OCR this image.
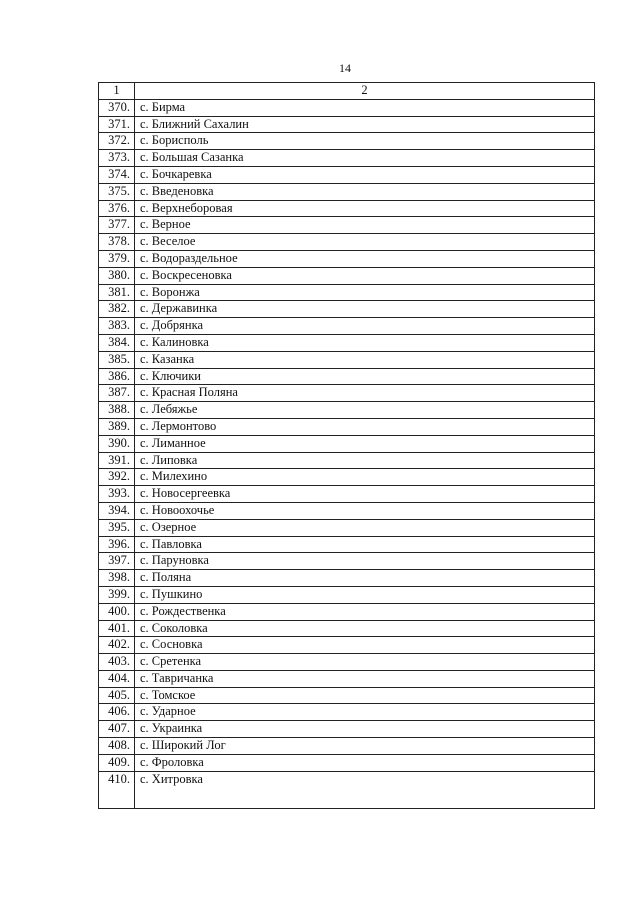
14
1	2
370.	с. Бирма
371.	с. Ближний Сахалин
372.	с. Борисполь
373.	с. Большая Сазанка
374.	с. Бочкаревка
375.	с. Введеновка
376.	с. Верхнеборовая
377.	с. Верное
378.	с. Веселое
379.	с. Водораздельное
380.	с. Воскресеновка
381.	с. Воронжа
382.	с. Державинка
383.	с. Добрянка
384.	с. Калиновка
385.	с. Казанка
386.	с. Ключики
387.	с. Красная Поляна
388.	с. Лебяжье
389.	с. Лермонтово
390.	с. Лиманное
391.	с. Липовка
392.	с. Милехино
393.	с. Новосергеевка
394.	с. Новоохочье
395.	с. Озерное
396.	с. Павловка
397.	с. Паруновка
398.	с. Поляна
399.	с. Пушкино
400.	с. Рождественка
401.	с. Соколовка
402.	с. Сосновка
403.	с. Сретенка
404.	с. Тавричанка
405.	с. Томское
406.	с. Ударное
407.	с. Украинка
408.	с. Широкий Лог
409.	с. Фроловка
410.	с. Хитровка
